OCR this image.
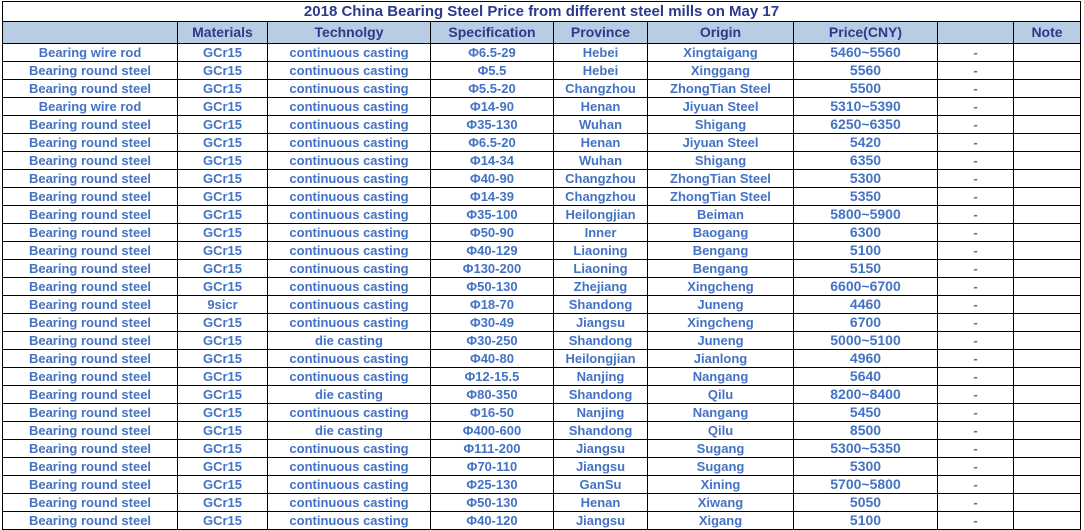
2018 China Bearing Steel Price from different steel mills on May 17								
	Materials	Technolgy	Specification	Province	Origin	Price(CNY)		Note
Bearing wire rod	GCr15	continuous casting	Φ6.5-29	Hebei	Xingtaigang	5460~5560	-	
Bearing round steel	GCr15	continuous casting	Φ5.5	Hebei	Xinggang	5560	-	
Bearing round steel	GCr15	continuous casting	Φ5.5-20	Changzhou	ZhongTian Steel	5500	-	
Bearing wire rod	GCr15	continuous casting	Φ14-90	Henan	Jiyuan Steel	5310~5390	-	
Bearing round steel	GCr15	continuous casting	Φ35-130	Wuhan	Shigang	6250~6350	-	
Bearing round steel	GCr15	continuous casting	Φ6.5-20	Henan	Jiyuan Steel	5420	-	
Bearing round steel	GCr15	continuous casting	Φ14-34	Wuhan	Shigang	6350	-	
Bearing round steel	GCr15	continuous casting	Φ40-90	Changzhou	ZhongTian Steel	5300	-	
Bearing round steel	GCr15	continuous casting	Φ14-39	Changzhou	ZhongTian Steel	5350	-	
Bearing round steel	GCr15	continuous casting	Φ35-100	Heilongjian	Beiman	5800~5900	-	
Bearing round steel	GCr15	continuous casting	Φ50-90	Inner	Baogang	6300	-	
Bearing round steel	GCr15	continuous casting	Φ40-129	Liaoning	Bengang	5100	-	
Bearing round steel	GCr15	continuous casting	Φ130-200	Liaoning	Bengang	5150	-	
Bearing round steel	GCr15	continuous casting	Φ50-130	Zhejiang	Xingcheng	6600~6700	-	
Bearing round steel	9sicr	continuous casting	Φ18-70	Shandong	Juneng	4460	-	
Bearing round steel	GCr15	continuous casting	Φ30-49	Jiangsu	Xingcheng	6700	-	
Bearing round steel	GCr15	die casting	Φ30-250	Shandong	Juneng	5000~5100	-	
Bearing round steel	GCr15	continuous casting	Φ40-80	Heilongjian	Jianlong	4960	-	
Bearing round steel	GCr15	continuous casting	Φ12-15.5	Nanjing	Nangang	5640	-	
Bearing round steel	GCr15	die casting	Φ80-350	Shandong	Qilu	8200~8400	-	
Bearing round steel	GCr15	continuous casting	Φ16-50	Nanjing	Nangang	5450	-	
Bearing round steel	GCr15	die casting	Φ400-600	Shandong	Qilu	8500	-	
Bearing round steel	GCr15	continuous casting	Φ111-200	Jiangsu	Sugang	5300~5350	-	
Bearing round steel	GCr15	continuous casting	Φ70-110	Jiangsu	Sugang	5300	-	
Bearing round steel	GCr15	continuous casting	Φ25-130	GanSu	Xining	5700~5800	-	
Bearing round steel	GCr15	continuous casting	Φ50-130	Henan	Xiwang	5050	-	
Bearing round steel	GCr15	continuous casting	Φ40-120	Jiangsu	Xigang	5100	-	
